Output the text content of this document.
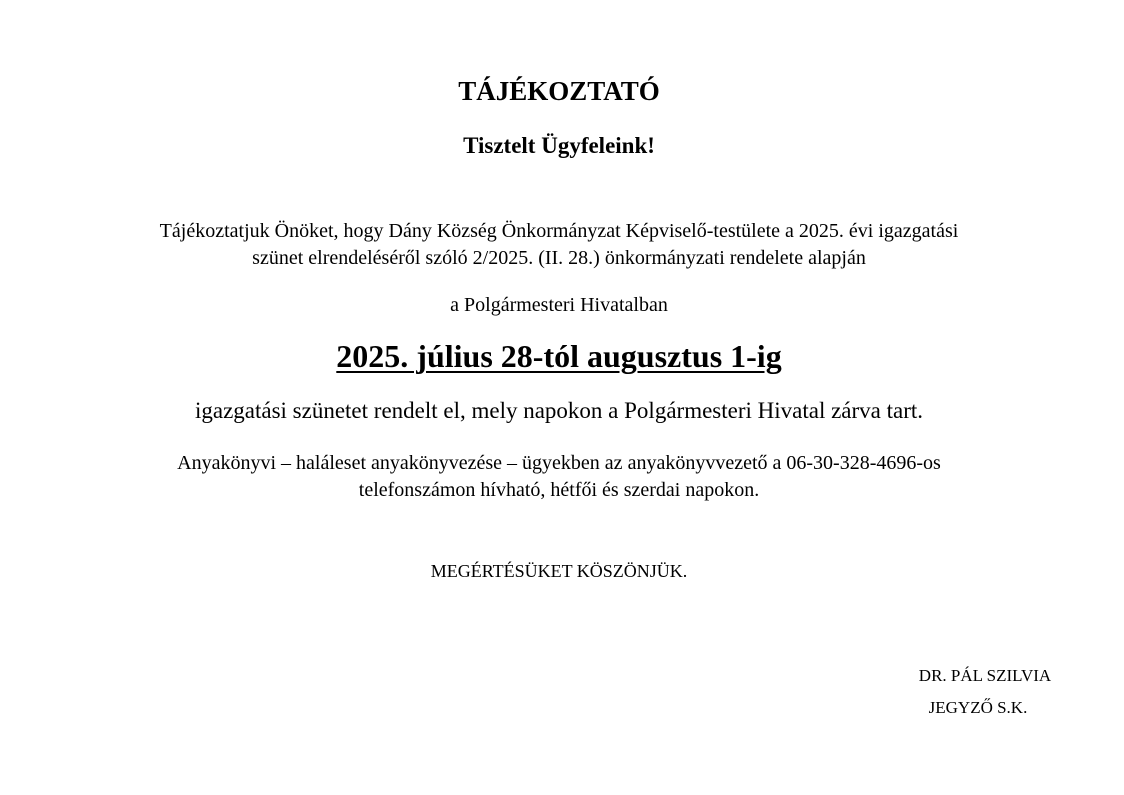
TÁJÉKOZTATÓ
Tisztelt Ügyfeleink!
Tájékoztatjuk Önöket, hogy Dány Község Önkormányzat Képviselő-testülete a 2025. évi igazgatási
szünet elrendeléséről szóló 2/2025. (II. 28.) önkormányzati rendelete alapján
a Polgármesteri Hivatalban
2025. július 28-tól augusztus 1-ig
igazgatási szünetet rendelt el, mely napokon a Polgármesteri Hivatal zárva tart.
Anyakönyvi – haláleset anyakönyvezése – ügyekben az anyakönyvvezető a 06-30-328-4696-os
telefonszámon hívható, hétfői és szerdai napokon.
MEGÉRTÉSÜKET KÖSZÖNJÜK.
DR. PÁL SZILVIA
JEGYZŐ S.K.
